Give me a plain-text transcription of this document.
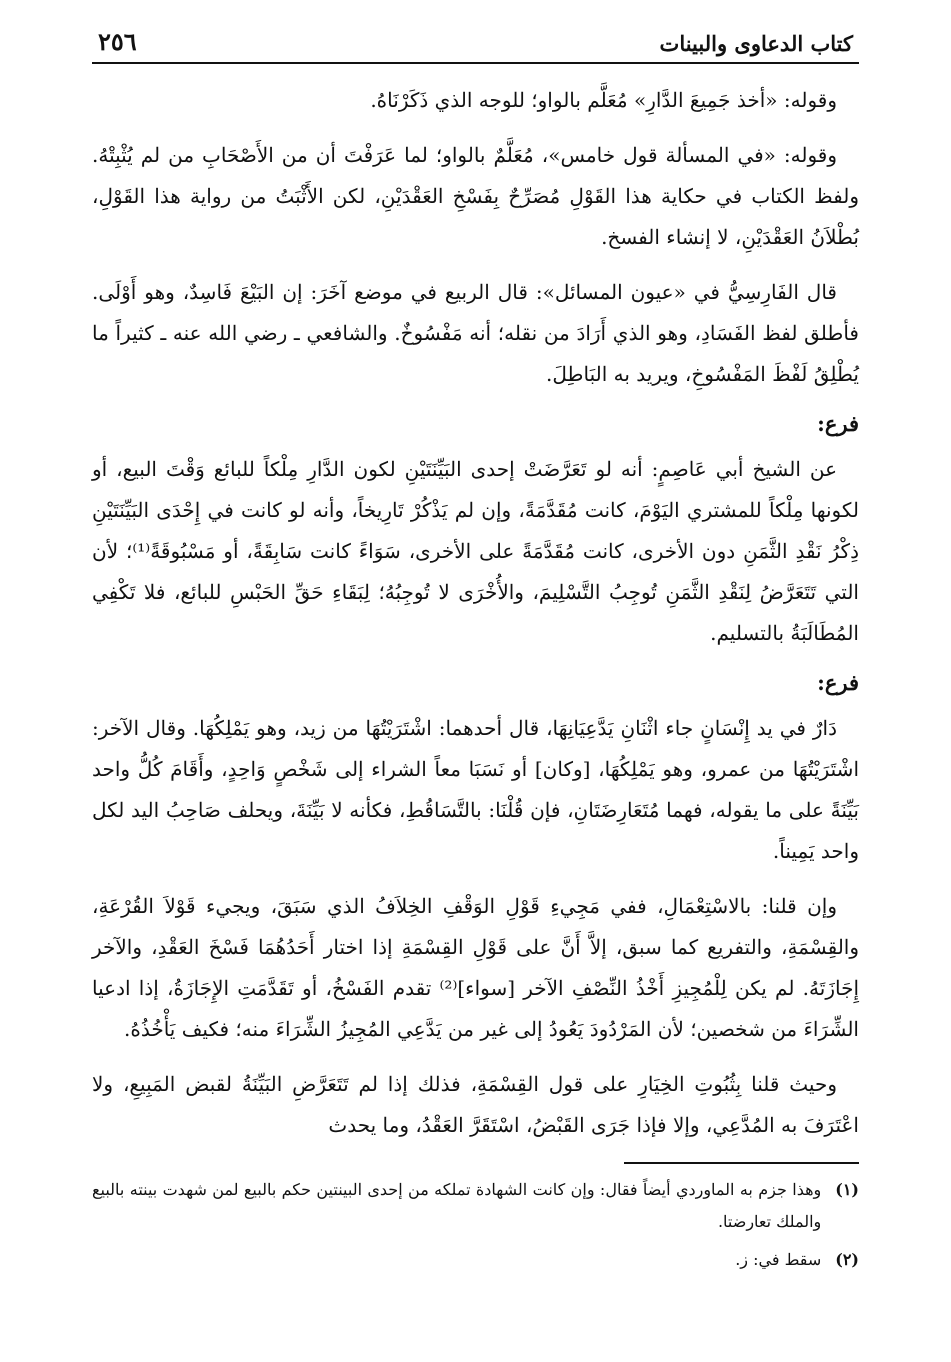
كتاب الدعاوى والبينات
٢٥٦

وقوله: «أخذ جَمِيعَ الدَّارِ» مُعَلَّم بالواو؛ للوجه الذي ذَكَرْنَاهُ.

وقوله: «في المسألة قول خامس»، مُعَلَّمٌ بالواو؛ لما عَرَفْتَ أن من الأَصْحَابِ من لم يُثْبِتْهُ. ولفظ الكتاب في حكاية هذا القَوْلِ مُصَرِّحٌ بِفَسْخِ العَقْدَيْنِ، لكن الأَثْبَتُ من رواية هذا القَوْلِ، بُطْلاَنُ العَقْدَيْنِ، لا إنشاء الفسخ.

قال الفَارِسِيُّ في «عيون المسائل»: قال الربيع في موضع آخَرَ: إن البَيْعَ فَاسِدٌ، وهو أَوْلَى. فأطلق لفظ الفَسَادِ، وهو الذي أَرَادَ من نقله؛ أنه مَفْسُوخٌ. والشافعي ـ رضي الله عنه ـ كثيراً ما يُطْلِقُ لَفْظَ المَفْسُوخِ، ويريد به البَاطِلَ.

فرع:

عن الشيخ أبي عَاصِمٍ: أنه لو تَعَرَّضَتْ إحدى البَيِّنَتَيْنِ لكون الدَّارِ مِلْكاً للبائع وَقْتَ البيع، أو لكونها مِلْكاً للمشتري اليَوْمَ، كانت مُقَدَّمَةً، وإن لم يَذْكُرْ تَارِيخاً، وأنه لو كانت في إِحْدَى البَيِّنَتَيْنِ ذِكْرُ نَقْدِ الثَّمَنِ دون الأخرى، كانت مُقَدَّمَةً على الأخرى، سَوَاءً كانت سَابِقَةً، أو مَسْبُوقَةً⁽¹⁾؛ لأن التي تَتَعَرَّضُ لِنَقْدِ الثَّمَنِ تُوجِبُ التَّسْلِيمَ، والأُخْرَى لا تُوجِبُهُ؛ لِبَقَاءِ حَقِّ الحَبْسِ للبائع، فلا تَكْفِي المُطَالَبَةُ بالتسليم.

فرع:

دَارٌ في يد إِنْسَانٍ جاء اثْنَانِ يَدَّعِيَانِهَا، قال أحدهما: اشْتَرَيْتُهَا من زيد، وهو يَمْلِكُهَا. وقال الآخر: اشْتَرَيْتُهَا من عمرو، وهو يَمْلِكُهَا، [وكان] أو نَسَبَا معاً الشراء إلى شَخْصٍ وَاحِدٍ، وأَقَامَ كُلُّ واحد بَيِّنَةً على ما يقوله، فهما مُتَعَارِضَتَانِ، فإن قُلْنَا: بالتَّسَاقُطِ، فكأنه لا بَيِّنَةَ، ويحلف صَاحِبُ اليد لكل واحد يَمِيناً.

وإن قلنا: بالاسْتِعْمَالِ، ففي مَجِيءِ قَوْلِ الوَقْفِ الخِلاَفُ الذي سَبَقَ، ويجيء قَوْلاَ القُرْعَةِ، والقِسْمَةِ، والتفريع كما سبق، إلاَّ أَنَّ على قَوْلِ القِسْمَةِ إذا اختار أَحَدُهُمَا فَسْخَ العَقْدِ، والآخر إِجَازَتَهُ. لم يكن لِلْمُجِيزِ أَخْذُ النِّصْفِ الآخر [سواء]⁽²⁾ تقدم الفَسْخُ، أو تَقَدَّمَتِ الإِجَازَةُ، إذا ادعيا الشِّرَاءَ من شخصين؛ لأن المَرْدُودَ يَعُودُ إلى غير من يَدَّعِي المُجِيزُ الشِّرَاءَ منه؛ فكيف يَأْخُذُهُ.

وحيث قلنا بِثُبُوتِ الخِيَارِ على قول القِسْمَةِ، فذلك إذا لم تَتَعَرَّضِ البَيِّنَةُ لقبض المَبِيعِ، ولا اعْتَرَفَ به المُدَّعِي، وإلا فإذا جَرَى القَبْضُ، اسْتَقَرَّ العَقْدُ، وما يحدث

(١)
وهذا جزم به الماوردي أيضاً فقال: وإن كانت الشهادة تملكه من إحدى البينتين حكم بالبيع لمن شهدت بينته بالبيع والملك تعارضتا.
(٢)
سقط في: ز.
